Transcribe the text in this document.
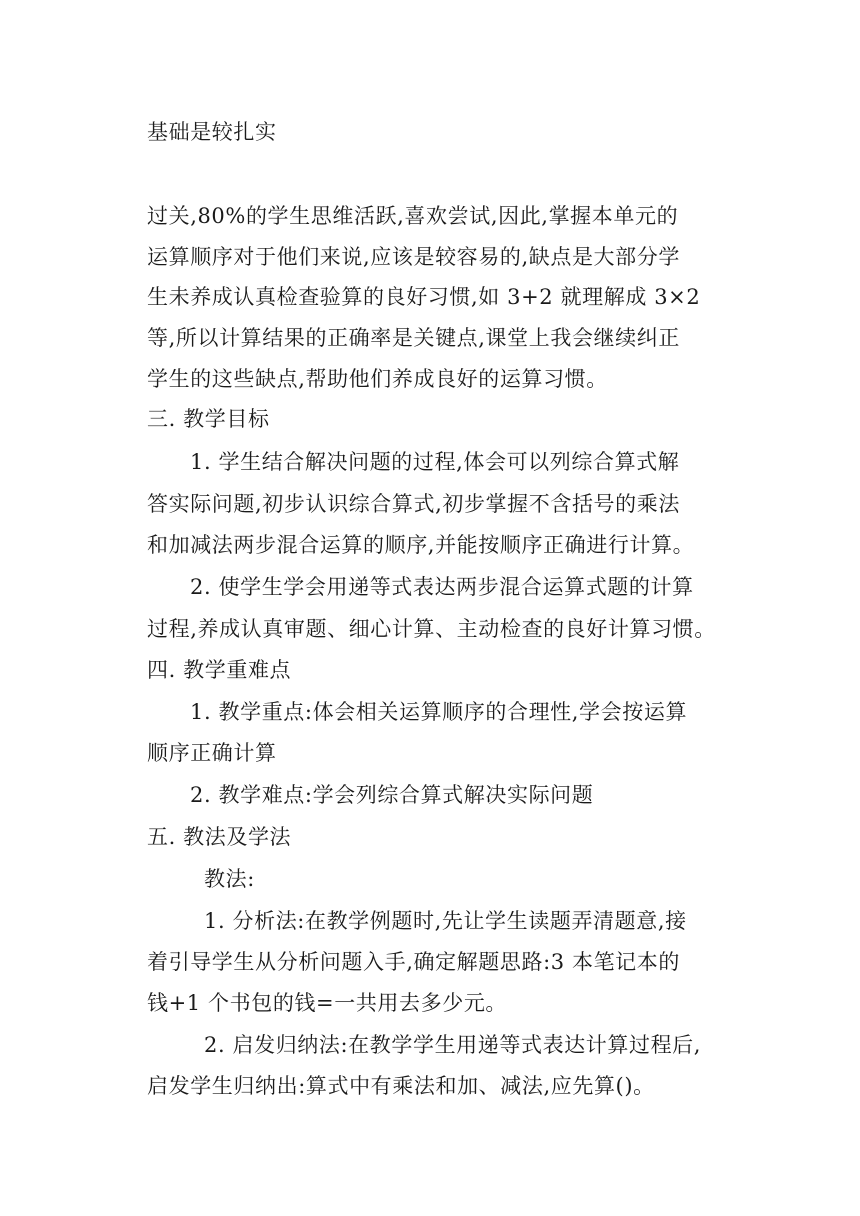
基础是较扎实
过关,80%的学生思维活跃,喜欢尝试,因此,掌握本单元的
运算顺序对于他们来说,应该是较容易的,缺点是大部分学
生未养成认真检查验算的良好习惯,如 3+2 就理解成 3×2
等,所以计算结果的正确率是关键点,课堂上我会继续纠正
学生的这些缺点,帮助他们养成良好的运算习惯。
三. 教学目标
1. 学生结合解决问题的过程,体会可以列综合算式解
答实际问题,初步认识综合算式,初步掌握不含括号的乘法
和加减法两步混合运算的顺序,并能按顺序正确进行计算。
2. 使学生学会用递等式表达两步混合运算式题的计算
过程,养成认真审题、细心计算、主动检查的良好计算习惯。
四. 教学重难点
1. 教学重点:体会相关运算顺序的合理性,学会按运算
顺序正确计算
2. 教学难点:学会列综合算式解决实际问题
五. 教法及学法
教法:
1. 分析法:在教学例题时,先让学生读题弄清题意,接
着引导学生从分析问题入手,确定解题思路:3 本笔记本的
钱+1 个书包的钱=一共用去多少元。
2. 启发归纳法:在教学学生用递等式表达计算过程后,
启发学生归纳出:算式中有乘法和加、减法,应先算()。
